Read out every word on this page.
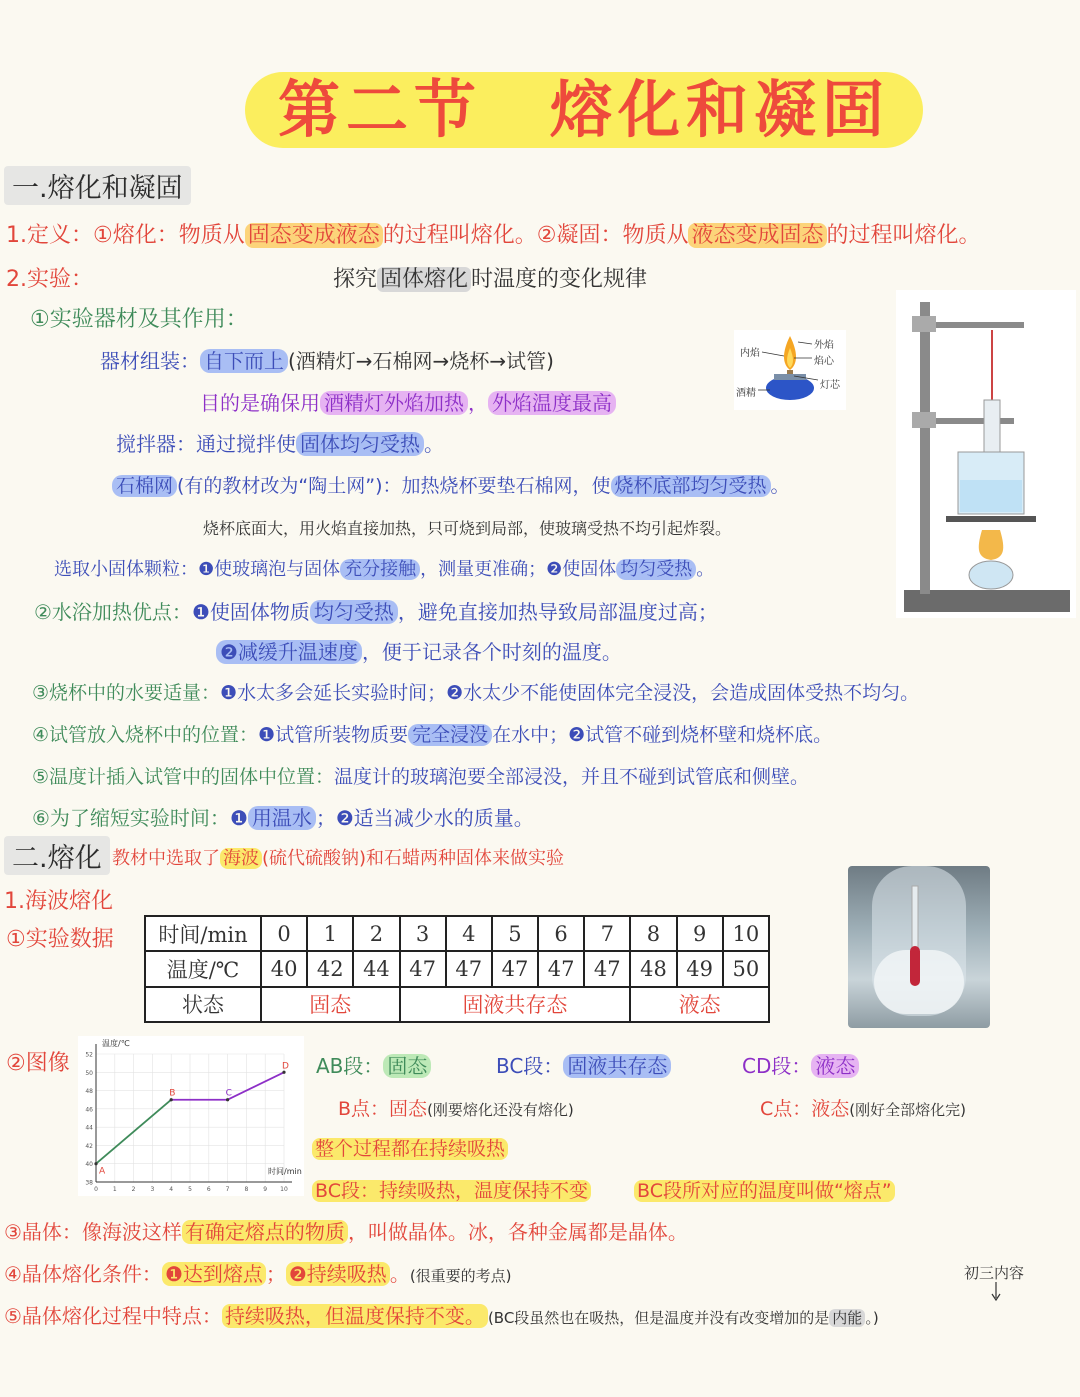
第二节　熔化和凝固
一.熔化和凝固
1.定义：①熔化：物质从 固态变成液态 的过程叫熔化。②凝固：物质从 液态变成固态 的过程叫熔化。
2.实验：	探究 固体熔化 时温度的变化规律
①实验器材及其作用：
器材组装： 自下而上 (酒精灯→石棉网→烧杯→试管)
目的是确保用 酒精灯外焰加热 ， 外焰温度最高
搅拌器：通过搅拌使 固体均匀受热 。
石棉网 (有的教材改为“陶土网”)：加热烧杯要垫石棉网，使 烧杯底部均匀受热 。
烧杯底面大，用火焰直接加热，只可烧到局部，使玻璃受热不均引起炸裂。
选取小固体颗粒：❶使玻璃泡与固体 充分接触 ，测量更准确；❷使固体 均匀受热 。
②水浴加热优点：❶使固体物质 均匀受热 ，避免直接加热导致局部温度过高；
❷减缓升温速度 ，便于记录各个时刻的温度。
③烧杯中的水要适量：❶水太多会延长实验时间；❷水太少不能使固体完全浸没，会造成固体受热不均匀。
④试管放入烧杯中的位置：❶试管所装物质要 完全浸没 在水中；❷试管不碰到烧杯壁和烧杯底。
⑤温度计插入试管中的固体中位置：温度计的玻璃泡要全部浸没，并且不碰到试管底和侧壁。
⑥为了缩短实验时间：❶ 用温水 ；❷适当减少水的质量。
内焰
外焰
焰心
灯芯
酒精
二.熔化 教材中选取了 海波 (硫代硫酸钠)和石蜡两种固体来做实验
1.海波熔化
①实验数据 时间/min	0	1	2	3	4	5	6	7	8	9	10
温度/℃	40	42	44	47	47	47	47	47	48	49	50
状态	固态			固液共存态					液态		
②图像
38
40
42
44
46
48
50
52
0 1 2 3 4 5 6 7 8 9 10
A
B	C
D
温度/℃
时间/min
AB段： 固态	BC段： 固液共存态	CD段： 液态
B点：固态(刚要熔化还没有熔化)	C点：液态(刚好全部熔化完)
整个过程都在持续吸热
BC段：持续吸热，温度保持不变	BC段所对应的温度叫做“熔点”
③晶体：像海波这样 有确定熔点的物质 ，叫做晶体。冰，各种金属都是晶体。
④晶体熔化条件： ❶达到熔点 ； ❷持续吸热 。(很重要的考点)	初三内容
⑤晶体熔化过程中特点： 持续吸热，但温度保持不变。 (BC段虽然也在吸热，但是温度并没有改变增加的是 内能 。)
